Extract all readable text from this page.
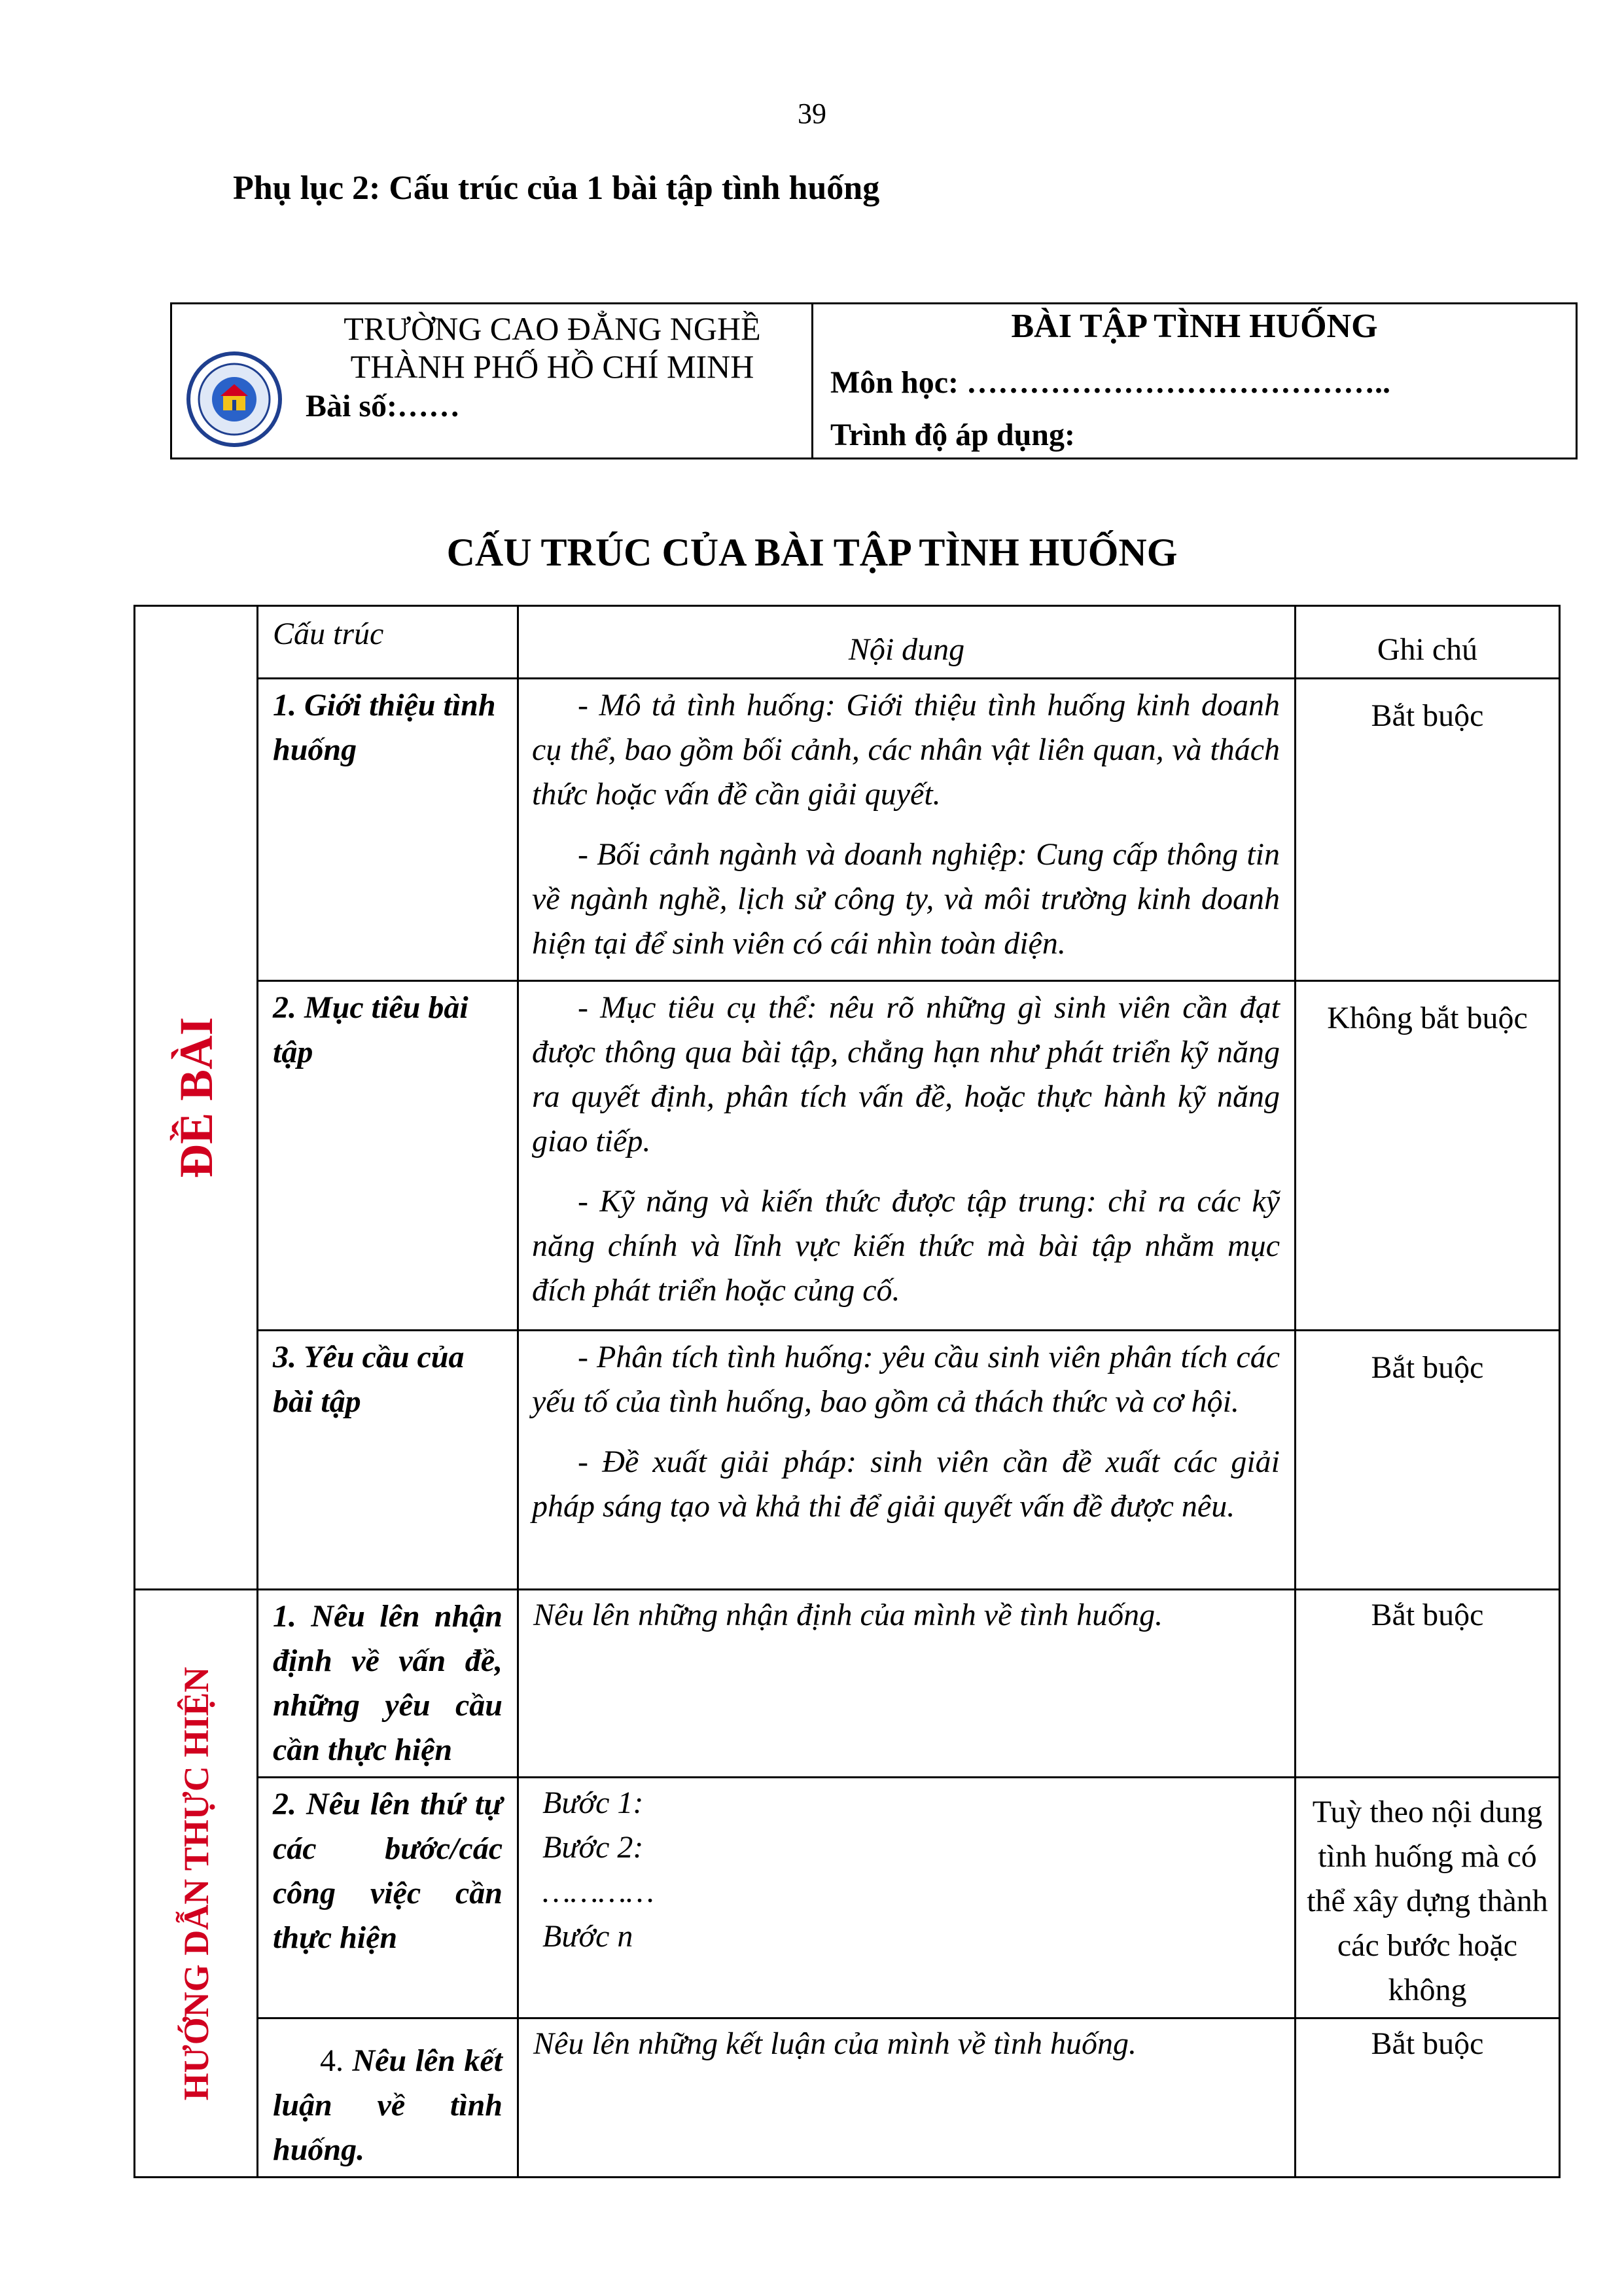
39
Phụ lục 2: Cấu trúc của 1 bài tập tình huống
TRƯỜNG CAO ĐẲNG NGHỀ
THÀNH PHỐ HỒ CHÍ MINH
Bài số:……

BÀI TẬP TÌNH HUỐNG
Môn học: …………………………………..
Trình độ áp dụng:
CẤU TRÚC CỦA BÀI TẬP TÌNH HUỐNG
ĐỀ BÀI	Cấu trúc	Nội dung	Ghi chú
	1. Giới thiệu tình huống	- Mô tả tình huống: Giới thiệu tình huống kinh doanh cụ thể, bao gồm bối cảnh, các nhân vật liên quan, và thách thức hoặc vấn đề cần giải quyết.

- Bối cảnh ngành và doanh nghiệp: Cung cấp thông tin về ngành nghề, lịch sử công ty, và môi trường kinh doanh hiện tại để sinh viên có cái nhìn toàn diện.	Bắt buộc
	2. Mục tiêu bài tập	- Mục tiêu cụ thể: nêu rõ những gì sinh viên cần đạt được thông qua bài tập, chẳng hạn như phát triển kỹ năng ra quyết định, phân tích vấn đề, hoặc thực hành kỹ năng giao tiếp.

- Kỹ năng và kiến thức được tập trung: chỉ ra các kỹ năng chính và lĩnh vực kiến thức mà bài tập nhằm mục đích phát triển hoặc củng cố.	Không bắt buộc
	3. Yêu cầu của bài tập	- Phân tích tình huống: yêu cầu sinh viên phân tích các yếu tố của tình huống, bao gồm cả thách thức và cơ hội.

- Đề xuất giải pháp: sinh viên cần đề xuất các giải pháp sáng tạo và khả thi để giải quyết vấn đề được nêu.	Bắt buộc

HƯỚNG DẪN THỰC HIỆN	1. Nêu lên nhận định về vấn đề, những yêu cầu cần thực hiện	Nêu lên những nhận định của mình về tình huống.	Bắt buộc
	2. Nêu lên thứ tự các bước/các công việc cần thực hiện	Bước 1:
Bước 2:
…………
Bước n	Tuỳ theo nội dung tình huống mà có thể xây dựng thành các bước hoặc không
	4. Nêu lên kết luận về tình huống.	Nêu lên những kết luận của mình về tình huống.	Bắt buộc
